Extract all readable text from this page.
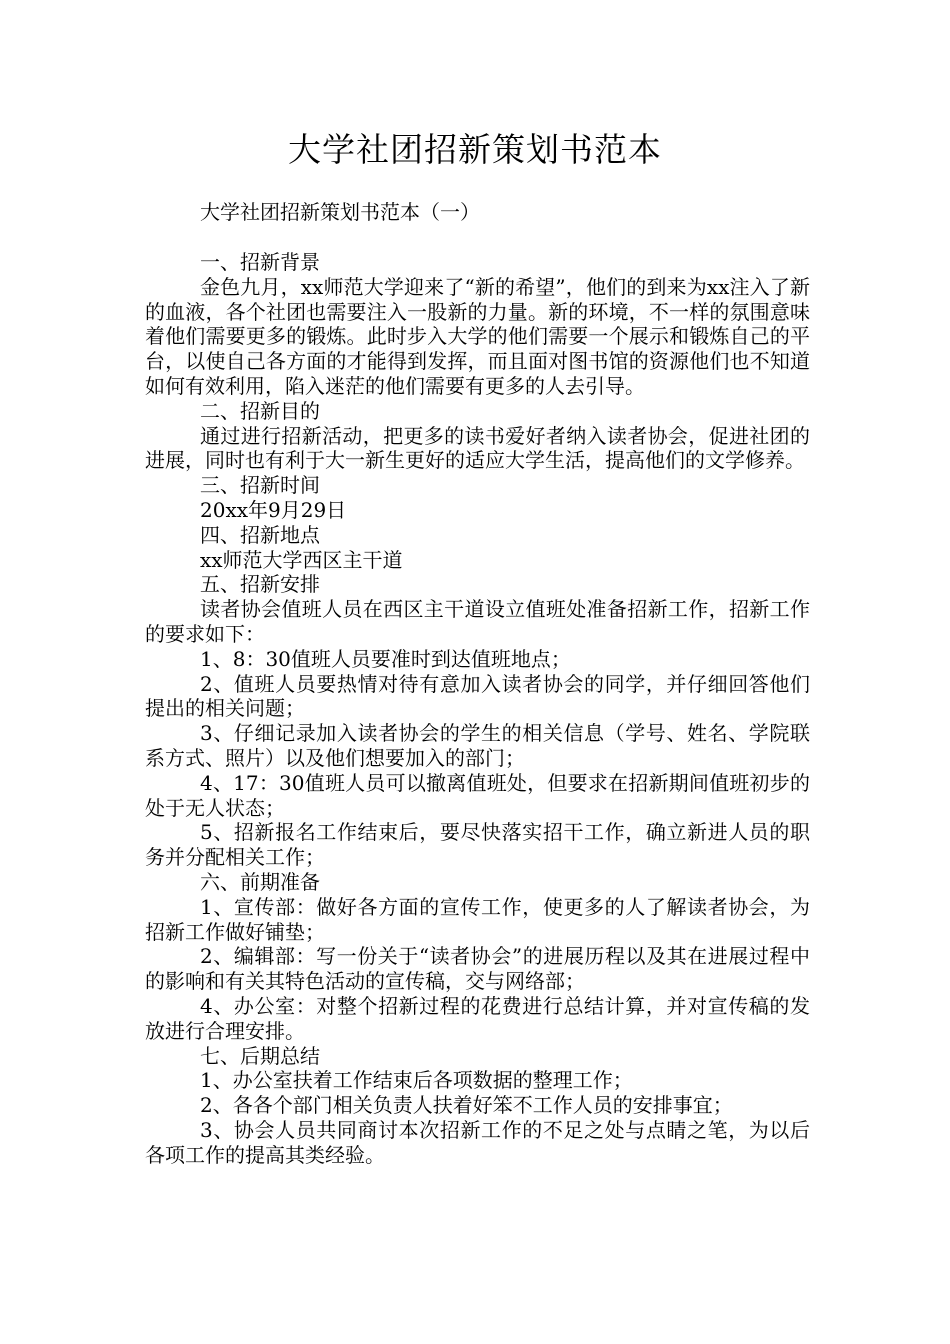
大学社团招新策划书范本

大学社团招新策划书范本（一）

一、招新背景

金色九月，xx师范大学迎来了“新的希望”，他们的到来为xx注入了新的血液，各个社团也需要注入一股新的力量。新的环境，不一样的氛围意味着他们需要更多的锻炼。此时步入大学的他们需要一个展示和锻炼自己的平台，以使自己各方面的才能得到发挥，而且面对图书馆的资源他们也不知道如何有效利用，陷入迷茫的他们需要有更多的人去引导。

二、招新目的

通过进行招新活动，把更多的读书爱好者纳入读者协会，促进社团的进展，同时也有利于大一新生更好的适应大学生活，提高他们的文学修养。

三、招新时间

20xx年9月29日

四、招新地点

xx师范大学西区主干道

五、招新安排

读者协会值班人员在西区主干道设立值班处准备招新工作，招新工作的要求如下：

1、8：30值班人员要准时到达值班地点；

2、值班人员要热情对待有意加入读者协会的同学，并仔细回答他们提出的相关问题；

3、仔细记录加入读者协会的学生的相关信息（学号、姓名、学院联系方式、照片）以及他们想要加入的部门；

4、17：30值班人员可以撤离值班处，但要求在招新期间值班初步的处于无人状态；

5、招新报名工作结束后，要尽快落实招干工作，确立新进人员的职务并分配相关工作；

六、前期准备

1、宣传部：做好各方面的宣传工作，使更多的人了解读者协会，为招新工作做好铺垫；

2、编辑部：写一份关于“读者协会”的进展历程以及其在进展过程中的影响和有关其特色活动的宣传稿，交与网络部；

4、办公室：对整个招新过程的花费进行总结计算，并对宣传稿的发放进行合理安排。

七、后期总结

1、办公室扶着工作结束后各项数据的整理工作；

2、各各个部门相关负责人扶着好笨不工作人员的安排事宜；

3、协会人员共同商讨本次招新工作的不足之处与点睛之笔，为以后各项工作的提高其类经验。
